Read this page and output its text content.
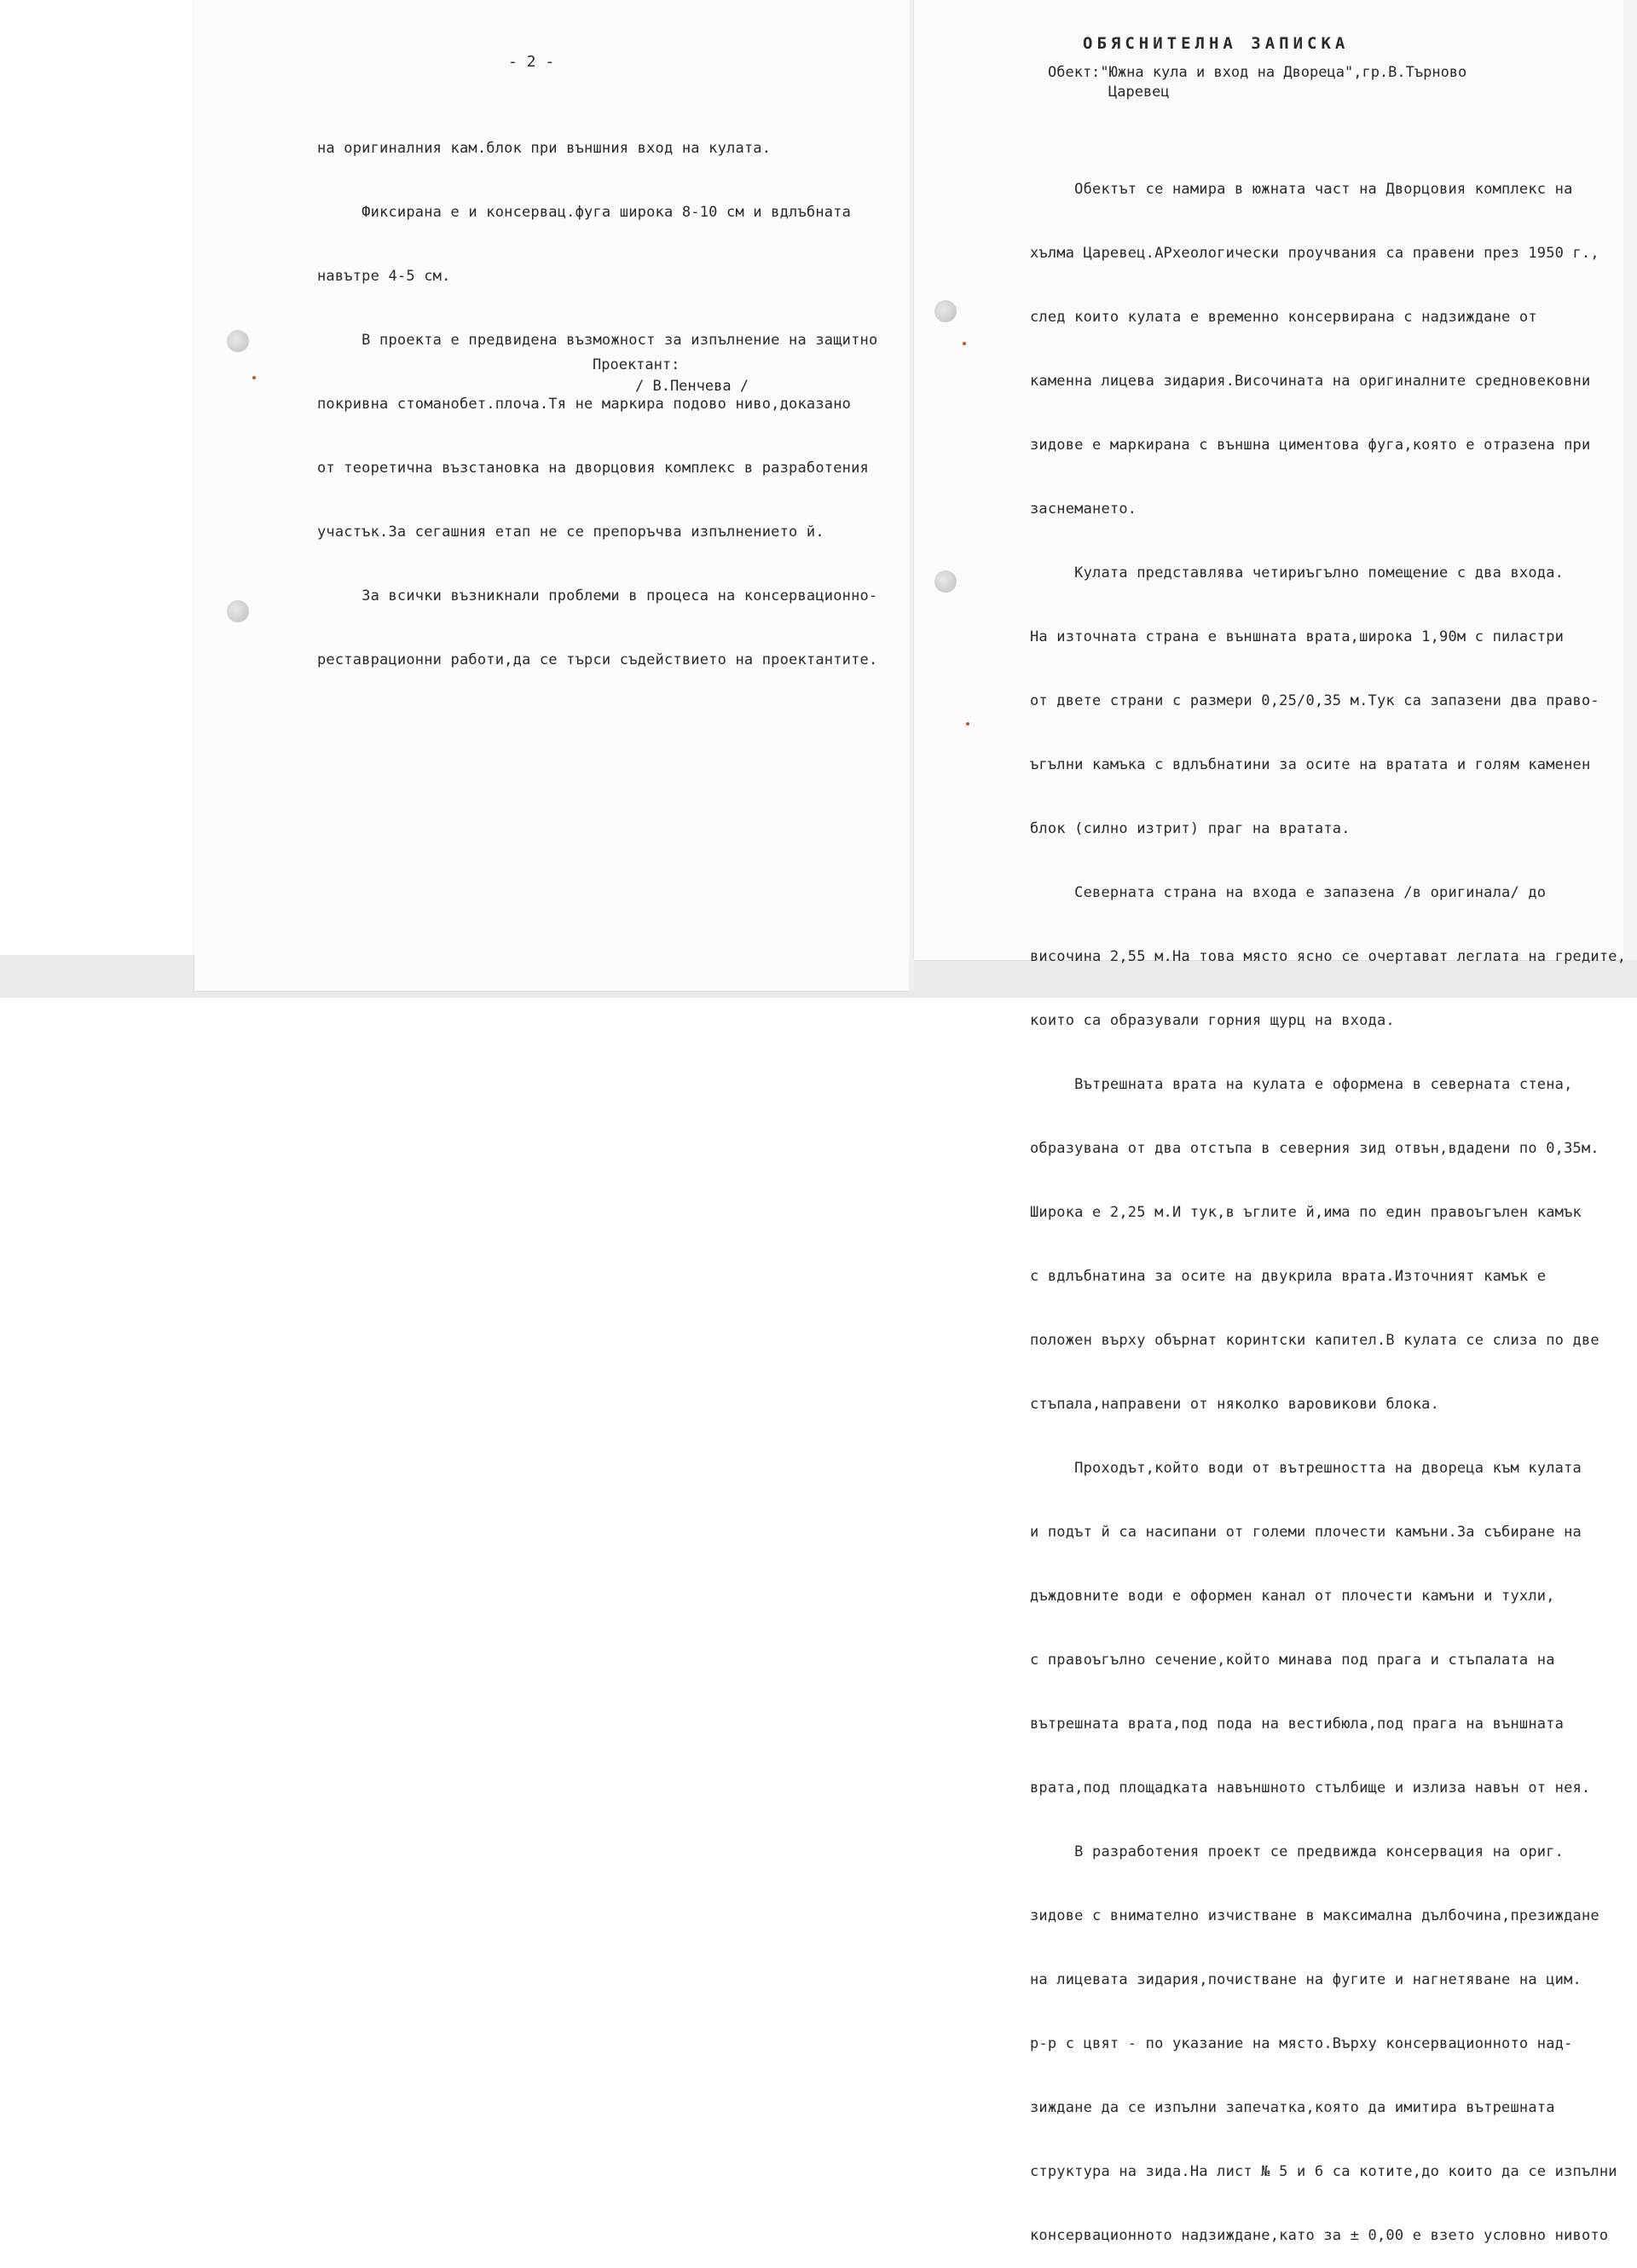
- 2 -

на оригиналния кам.блок при външния вход на кулата.

Фиксирана е и консервац.фуга широка 8-10 см и вдлъбната

навътре 4-5 см.

В проекта е предвидена възможност за изпълнение на защитно

покривна стоманобет.плоча.Тя не маркира подово ниво,доказано

от теоретична възстановка на дворцовия комплекс в разработения

участък.За сегашния етап не се препоръчва изпълнението й.

За всички възникнали проблеми в процеса на консервационно-

реставрационни работи,да се търси съдействието на проектантите.

Проектант:
/ В.Пенчева /
ОБЯСНИТЕЛНА ЗАПИСКА
Обект:"Южна кула и вход на Двореца",гр.В.Търново
Царевец

Обектът се намира в южната част на Дворцовия комплекс на

хълма Царевец.АРхеологически проучвания са правени през 1950 г.,

след които кулата е временно консервирана с надзиждане от

каменна лицева зидария.Височината на оригиналните средновековни

зидове е маркирана с външна циментова фуга,която е отразена при

заснемането.

Кулата представлява четириъгълно помещение с два входа.

На източната страна е външната врата,широка 1,90м с пиластри

от двете страни с размери 0,25/0,35 м.Тук са запазени два право-

ъгълни камъка с вдлъбнатини за осите на вратата и голям каменен

блок (силно изтрит) праг на вратата.

Северната страна на входа е запазена /в оригинала/ до

височина 2,55 м.На това място ясно се очертават леглата на гредите,

които са образували горния щурц на входа.

Вътрешната врата на кулата е оформена в северната стена,

образувана от два отстъпа в северния зид отвън,вдадени по 0,35м.

Широка е 2,25 м.И тук,в ъглите й,има по един правоъгълен камък

с вдлъбнатина за осите на двукрила врата.Източният камък е

положен върху обърнат коринтски капител.В кулата се слиза по две

стъпала,направени от няколко варовикови блока.

Проходът,който води от вътрешността на двореца към кулата

и подът й са насипани от големи плочести камъни.За събиране на

дъждовните води е оформен канал от плочести камъни и тухли,

с правоъгълно сечение,който минава под прага и стъпалата на

вътрешната врата,под пода на вестибюла,под прага на външната

врата,под площадката навъншното стълбище и излиза навън от нея.

В разработения проект се предвижда консервация на ориг.

зидове с внимателно изчистване в максимална дълбочина,презиждане

на лицевата зидария,почистване на фугите и нагнетяване на цим.

р-р с цвят - по указание на място.Върху консервационното над-

зиждане да се изпълни запечатка,която да имитира вътрешната

структура на зида.На лист № 5 и 6 са котите,до които да се изпълни

консервационното надзиждане,като за ± 0,00 е взето условно нивото
